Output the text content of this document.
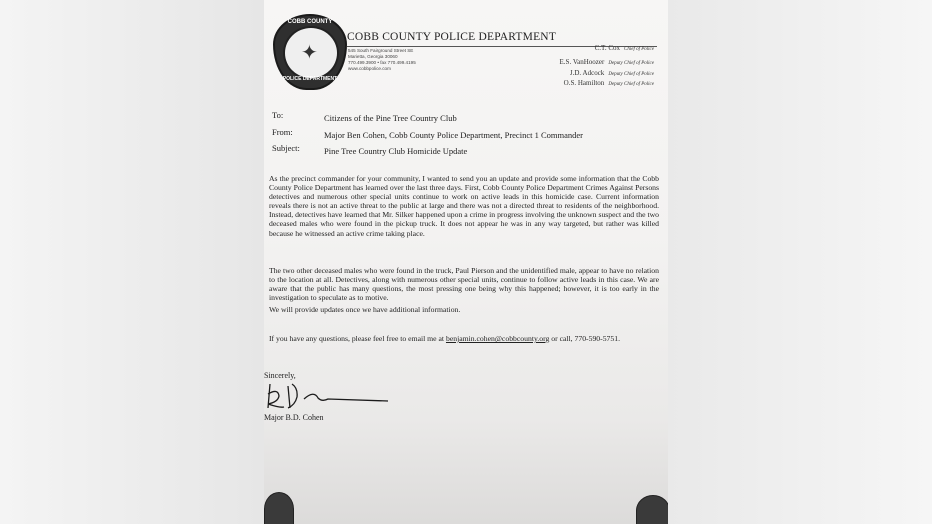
COBB COUNTY
✦
POLICE DEPARTMENT
COBB COUNTY POLICE DEPARTMENT
545 South Fairground Street SE
Marietta, Georgia 30060
770.499.3900 • fax 770.499.4195
www.cobbpolice.com
C.T. Cox Chief of Police
E.S. VanHoozer Deputy Chief of Police
J.D. Adcock Deputy Chief of Police
O.S. Hamilton Deputy Chief of Police
To:	Citizens of the Pine Tree Country Club
From:	Major Ben Cohen, Cobb County Police Department, Precinct 1 Commander
Subject:	Pine Tree Country Club Homicide Update
As the precinct commander for your community, I wanted to send you an update and provide some information that the Cobb County Police Department has learned over the last three days. First, Cobb County Police Department Crimes Against Persons detectives and numerous other special units continue to work on active leads in this homicide case. Current information reveals there is not an active threat to the public at large and there was not a directed threat to residents of the neighborhood. Instead, detectives have learned that Mr. Silker happened upon a crime in progress involving the unknown suspect and the two deceased males who were found in the pickup truck. It does not appear he was in any way targeted, but rather was killed because he witnessed an active crime taking place.
The two other deceased males who were found in the truck, Paul Pierson and the unidentified male, appear to have no relation to the location at all. Detectives, along with numerous other special units, continue to follow active leads in this case. We are aware that the public has many questions, the most pressing one being why this happened; however, it is too early in the investigation to speculate as to motive.
We will provide updates once we have additional information.
If you have any questions, please feel free to email me at benjamin.cohen@cobbcounty.org or call, 770-590-5751.
Sincerely,
.
Major B.D. Cohen
